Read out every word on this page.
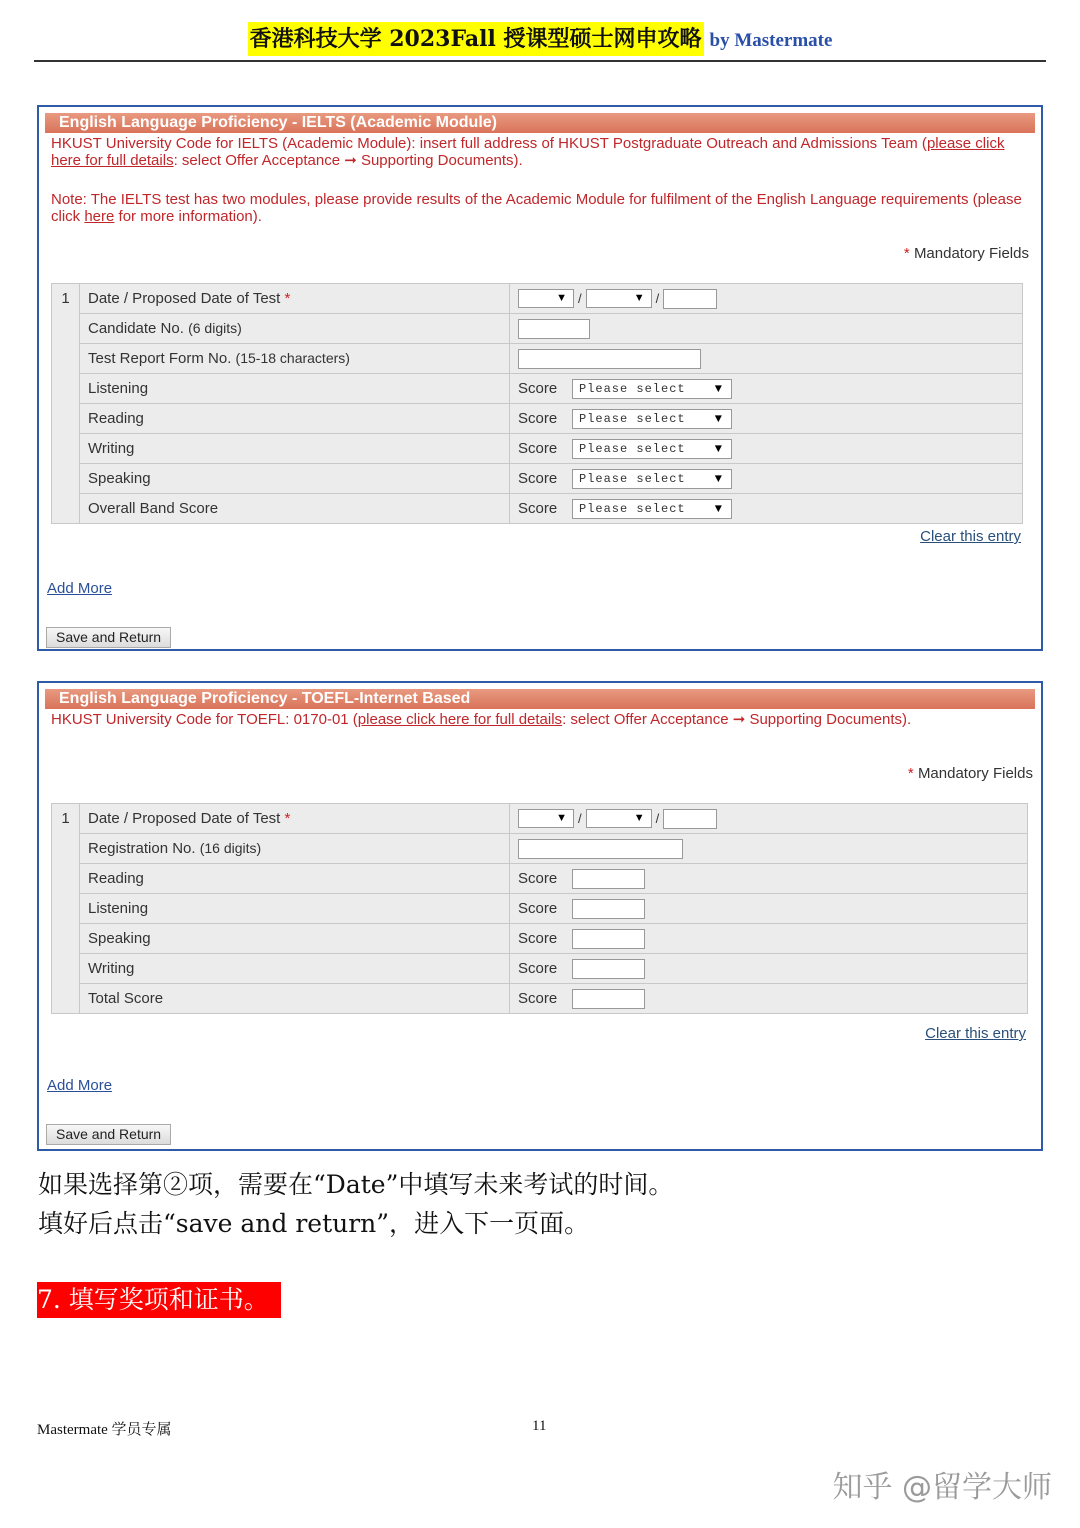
香港科技大学 2023Fall 授课型硕士网申攻略 by Mastermate
English Language Proficiency - IELTS (Academic Module)
HKUST University Code for IELTS (Academic Module): insert full address of HKUST Postgraduate Outreach and Admissions Team (please click here for full details: select Offer Acceptance ➞ Supporting Documents).
Note: The IELTS test has two modules, please provide results of the Academic Module for fulfilment of the English Language requirements (please click here for more information).
* Mandatory Fields
1	Date / Proposed Date of Test *	▼ / ▼ /
	Candidate No. (6 digits)	
	Test Report Form No. (15-18 characters)	
	Listening	Score Please select ▼

	Reading	Score Please select ▼

	Writing	Score Please select ▼

	Speaking	Score Please select ▼

	Overall Band Score	Score Please select ▼
Clear this entry
Add More
Save and Return
English Language Proficiency - TOEFL-Internet Based
HKUST University Code for TOEFL: 0170-01 (please click here for full details: select Offer Acceptance ➞ Supporting Documents).
* Mandatory Fields
1	Date / Proposed Date of Test *	▼ / ▼ /
	Registration No. (16 digits)	
	Reading	Score
	Listening	Score
	Speaking	Score
	Writing	Score
	Total Score	Score
Clear this entry
Add More
Save and Return
如果选择第②项，需要在“Date”中填写未来考试的时间。
填好后点击“save and return”，进入下一页面。
7. 填写奖项和证书。
Mastermate 学员专属	11
知乎 @留学大师
